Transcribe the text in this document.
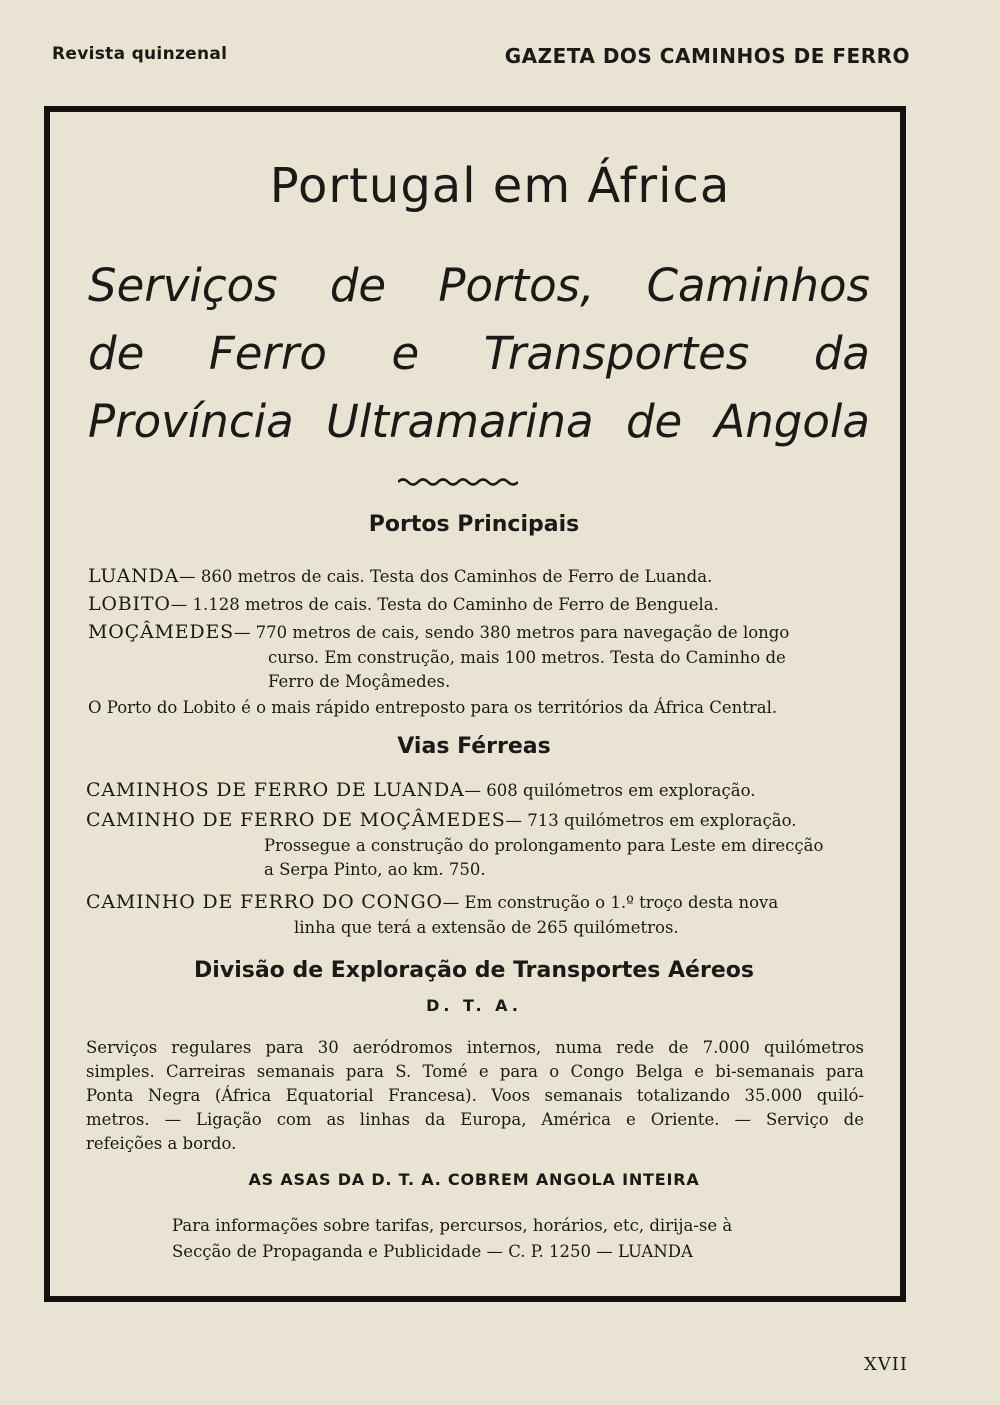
Revista quinzenal	GAZETA DOS CAMINHOS DE FERRO
Portugal em África
Serviços de Portos, Caminhos
de Ferro e Transportes da
Província Ultramarina de Angola
Portos Principais
LUANDA— 860 metros de cais. Testa dos Caminhos de Ferro de Luanda.
LOBITO— 1.128 metros de cais. Testa do Caminho de Ferro de Benguela.
MOÇÂMEDES— 770 metros de cais, sendo 380 metros para navegação de longo
curso. Em construção, mais 100 metros. Testa do Caminho de
Ferro de Moçâmedes.
O Porto do Lobito é o mais rápido entreposto para os territórios da África Central.
Vias Férreas
CAMINHOS DE FERRO DE LUANDA— 608 quilómetros em exploração.
CAMINHO DE FERRO DE MOÇÂMEDES— 713 quilómetros em exploração.
Prossegue a construção do prolongamento para Leste em direcção
a Serpa Pinto, ao km. 750.
CAMINHO DE FERRO DO CONGO— Em construção o 1.º troço desta nova
linha que terá a extensão de 265 quilómetros.
Divisão de Exploração de Transportes Aéreos
D. T. A.
Serviços regulares para 30 aeródromos internos, numa rede de 7.000 quilómetros
simples. Carreiras semanais para S. Tomé e para o Congo Belga e bi-semanais para
Ponta Negra (África Equatorial Francesa). Voos semanais totalizando 35.000 quiló-
metros. — Ligação com as linhas da Europa, América e Oriente. — Serviço de
refeições a bordo.
AS ASAS DA D. T. A. COBREM ANGOLA INTEIRA
Para informações sobre tarifas, percursos, horários, etc, dirija-se à
Secção de Propaganda e Publicidade — C. P. 1250 — LUANDA
XVII
